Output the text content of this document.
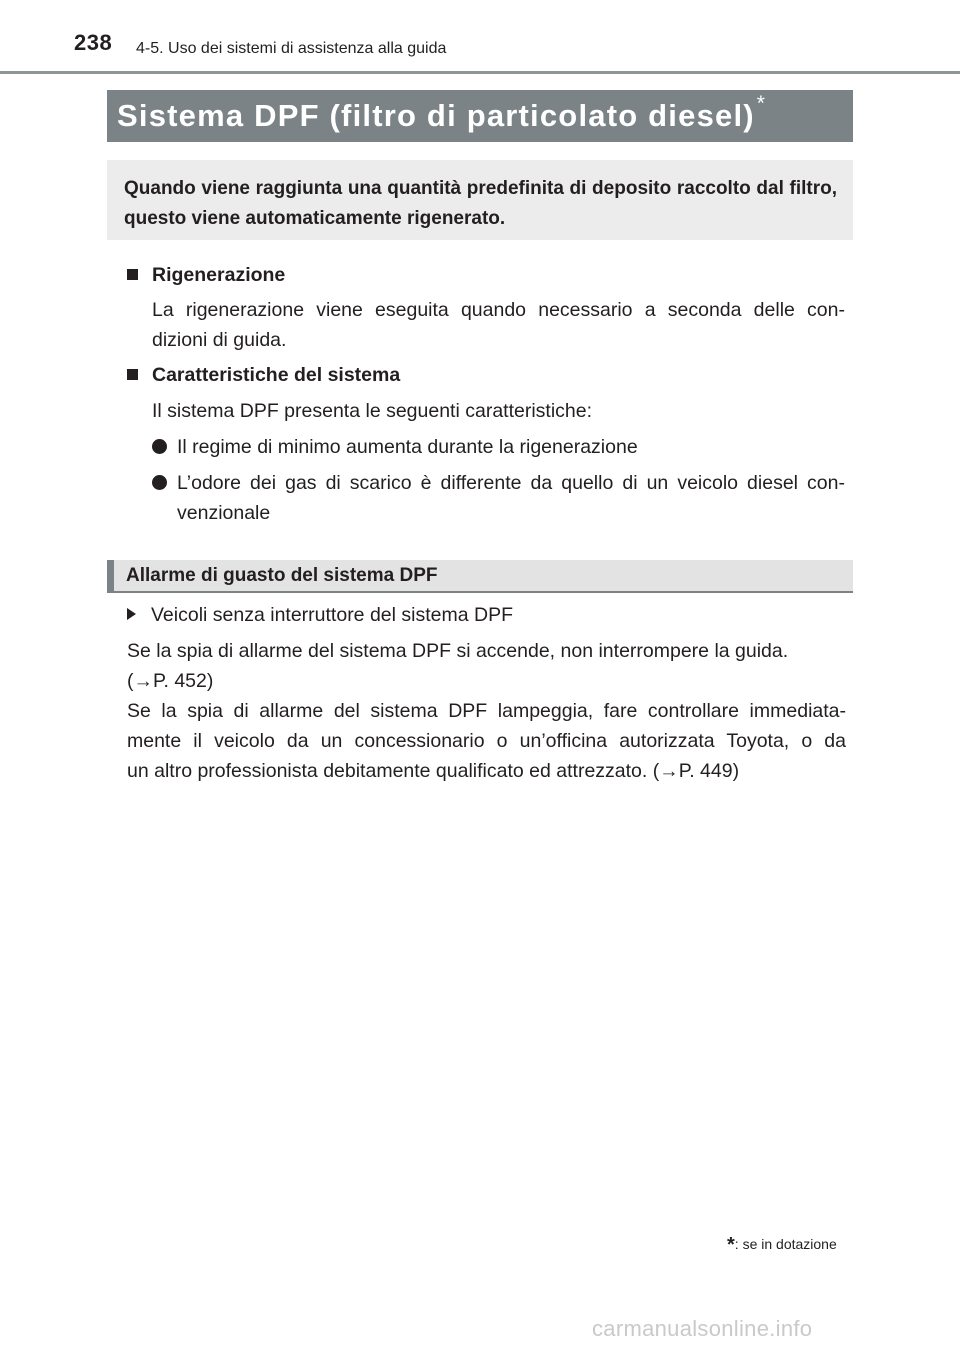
238 4-5. Uso dei sistemi di assistenza alla guida
Sistema DPF (filtro di particolato diesel) *
Quando viene raggiunta una quantità predefinita di deposito raccolto dal filtro, questo viene automaticamente rigenerato.
Rigenerazione
La rigenerazione viene eseguita quando necessario a seconda delle con-
dizioni di guida.
Caratteristiche del sistema
Il sistema DPF presenta le seguenti caratteristiche:
Il regime di minimo aumenta durante la rigenerazione
L’odore dei gas di scarico è differente da quello di un veicolo diesel con-
venzionale
Allarme di guasto del sistema DPF
Veicoli senza interruttore del sistema DPF
Se la spia di allarme del sistema DPF si accende, non interrompere la guida.
(→P. 452)
Se la spia di allarme del sistema DPF lampeggia, fare controllare immediata-
mente il veicolo da un concessionario o un’officina autorizzata Toyota, o da
un altro professionista debitamente qualificato ed attrezzato. (→P. 449)
*: se in dotazione
carmanualsonline.info
